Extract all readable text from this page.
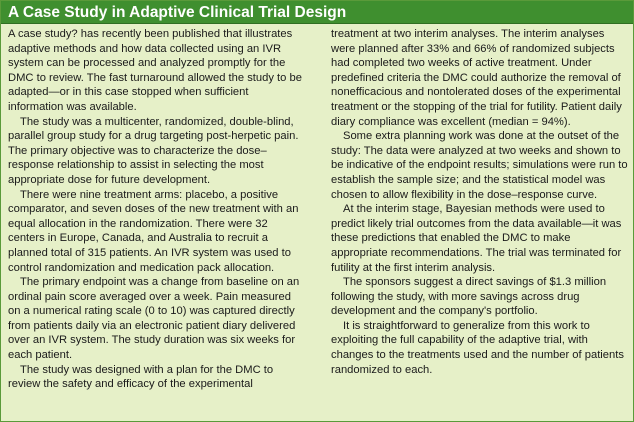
A Case Study in Adaptive Clinical Trial Design

A case study? has recently been published that illustrates adaptive methods and how data collected using an IVR system can be processed and analyzed promptly for the DMC to review. The fast turnaround allowed the study to be adapted—or in this case stopped when sufficient information was available.

The study was a multicenter, randomized, double-blind, parallel group study for a drug targeting post-herpetic pain. The primary objective was to characterize the dose–response relationship to assist in selecting the most appropriate dose for future development.

There were nine treatment arms: placebo, a positive comparator, and seven doses of the new treatment with an equal allocation in the randomization. There were 32 centers in Europe, Canada, and Australia to recruit a planned total of 315 patients. An IVR system was used to control randomization and medication pack allocation.

The primary endpoint was a change from baseline on an ordinal pain score averaged over a week. Pain measured on a numerical rating scale (0 to 10) was captured directly from patients daily via an electronic patient diary delivered over an IVR system. The study duration was six weeks for each patient.

The study was designed with a plan for the DMC to review the safety and efficacy of the experimental

treatment at two interim analyses. The interim analyses were planned after 33% and 66% of randomized subjects had completed two weeks of active treatment. Under predefined criteria the DMC could authorize the removal of nonefficacious and nontolerated doses of the experimental treatment or the stopping of the trial for futility. Patient daily diary compliance was excellent (median = 94%).

Some extra planning work was done at the outset of the study: The data were analyzed at two weeks and shown to be indicative of the endpoint results; simulations were run to establish the sample size; and the statistical model was chosen to allow flexibility in the dose–response curve.

At the interim stage, Bayesian methods were used to predict likely trial outcomes from the data available—it was these predictions that enabled the DMC to make appropriate recommendations. The trial was terminated for futility at the first interim analysis.

The sponsors suggest a direct savings of $1.3 million following the study, with more savings across drug development and the company's portfolio.

It is straightforward to generalize from this work to exploiting the full capability of the adaptive trial, with changes to the treatments used and the number of patients randomized to each.
